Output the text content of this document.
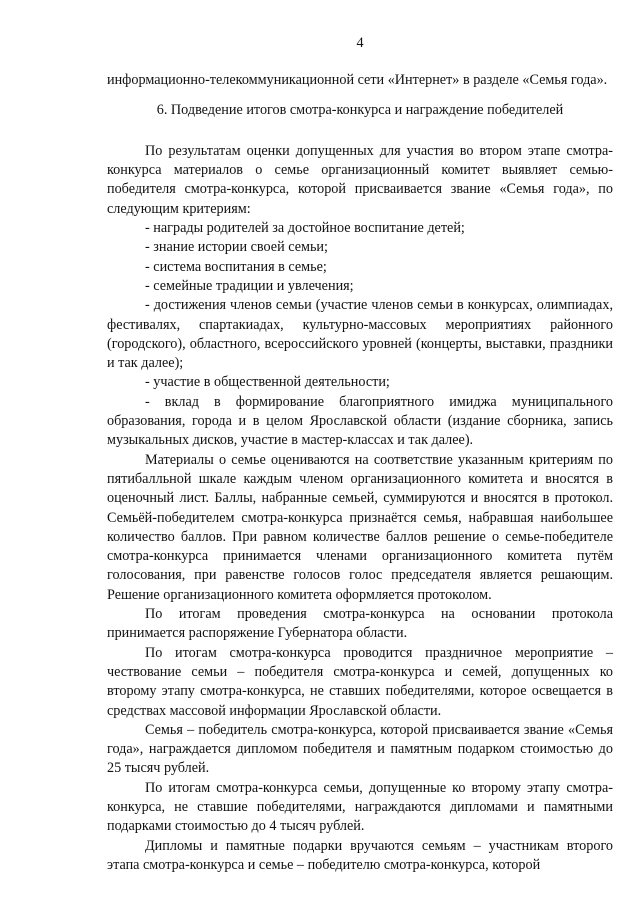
4

информационно-телекоммуникационной сети «Интернет» в разделе «Семья года».

6. Подведение итогов смотра-конкурса и награждение победителей

По результатам оценки допущенных для участия во втором этапе смотра-конкурса материалов о семье организационный комитет выявляет семью-победителя смотра-конкурса, которой присваивается звание «Семья года», по следующим критериям:

- награды родителей за достойное воспитание детей;

- знание истории своей семьи;

- система воспитания в семье;

- семейные традиции и увлечения;

- достижения членов семьи (участие членов семьи в конкурсах, олимпиадах, фестивалях, спартакиадах, культурно-массовых мероприятиях районного (городского), областного, всероссийского уровней (концерты, выставки, праздники и так далее);

- участие в общественной деятельности;

- вклад в формирование благоприятного имиджа муниципального образования, города и в целом Ярославской области (издание сборника, запись музыкальных дисков, участие в мастер-классах и так далее).

Материалы о семье оцениваются на соответствие указанным критериям по пятибалльной шкале каждым членом организационного комитета и вносятся в оценочный лист. Баллы, набранные семьей, суммируются и вносятся в протокол. Семьёй-победителем смотра-конкурса признаётся семья, набравшая наибольшее количество баллов. При равном количестве баллов решение о семье-победителе смотра-конкурса принимается членами организационного комитета путём голосования, при равенстве голосов голос председателя является решающим. Решение организационного комитета оформляется протоколом.

По итогам проведения смотра-конкурса на основании протокола принимается распоряжение Губернатора области.

По итогам смотра-конкурса проводится праздничное мероприятие – чествование семьи – победителя смотра-конкурса и семей, допущенных ко второму этапу смотра-конкурса, не ставших победителями, которое освещается в средствах массовой информации Ярославской области.

Семья – победитель смотра-конкурса, которой присваивается звание «Семья года», награждается дипломом победителя и памятным подарком стоимостью до 25 тысяч рублей.

По итогам смотра-конкурса семьи, допущенные ко второму этапу смотра-конкурса, не ставшие победителями, награждаются дипломами и памятными подарками стоимостью до 4 тысяч рублей.

Дипломы и памятные подарки вручаются семьям – участникам второго этапа смотра-конкурса и семье – победителю смотра-конкурса, которой
